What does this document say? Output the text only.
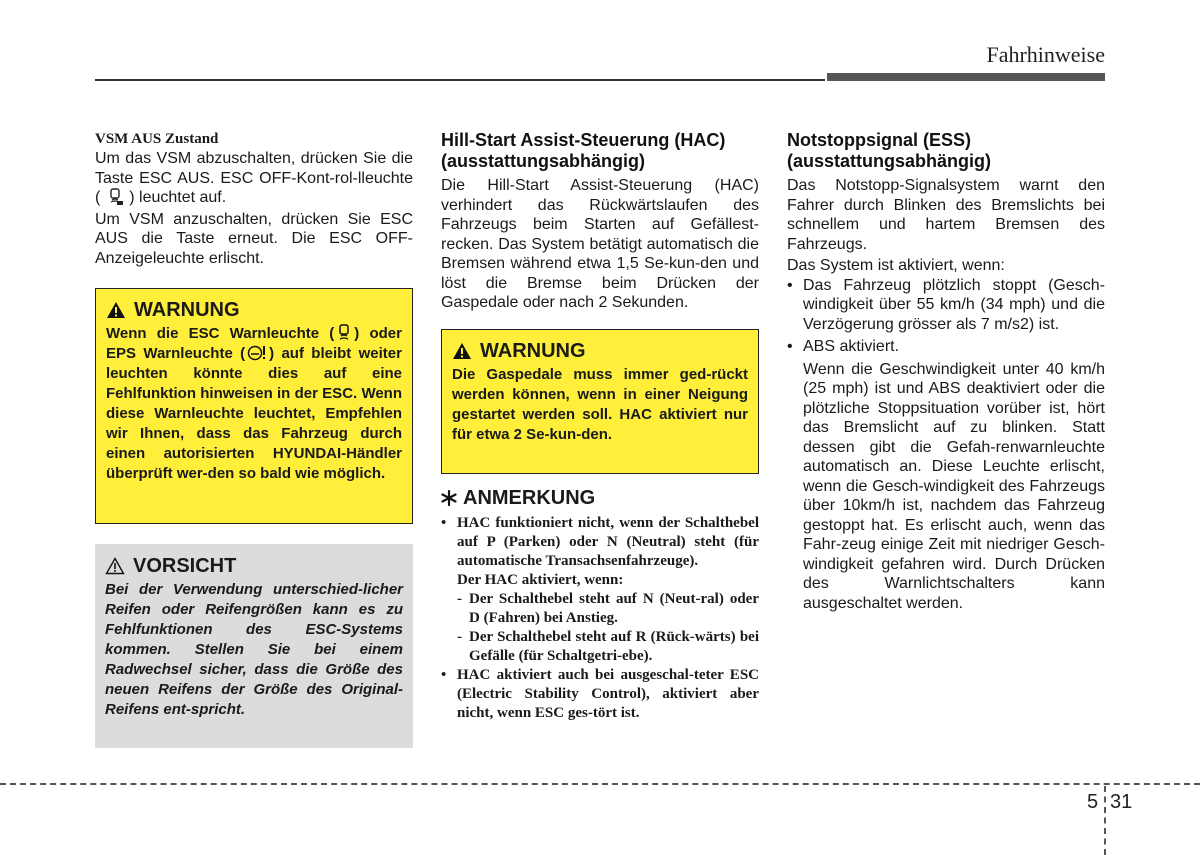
Fahrhinweise

VSM AUS Zustand

Um das VSM abzuschalten, drücken Sie die Taste ESC AUS. ESC OFF-Kont-rol-lleuchte ( ) leuchtet auf.

Um VSM anzuschalten, drücken Sie ESC AUS die Taste erneut. Die ESC OFF-Anzeigeleuchte erlischt.

WARNUNG

Wenn die ESC Warnleuchte ( ) oder EPS Warnleuchte ( ) auf bleibt weiter leuchten könnte dies auf eine Fehlfunktion hinweisen in der ESC. Wenn diese Warnleuchte leuchtet, Empfehlen wir Ihnen, dass das Fahrzeug durch einen autorisierten HYUNDAI-Händler überprüft wer-den so bald wie möglich.

VORSICHT

Bei der Verwendung unterschied-licher Reifen oder Reifengrößen kann es zu Fehlfunktionen des ESC-Systems kommen. Stellen Sie bei einem Radwechsel sicher, dass die Größe des neuen Reifens der Größe des Original-Reifens ent-spricht.

Hill-Start Assist-Steuerung (HAC) (ausstattungsabhängig)

Die Hill-Start Assist-Steuerung (HAC) verhindert das Rückwärtslaufen des Fahrzeugs beim Starten auf Gefällest-recken. Das System betätigt automatisch die Bremsen während etwa 1,5 Se-kun-den und löst die Bremse beim Drücken der Gaspedale oder nach 2 Sekunden.

WARNUNG

Die Gaspedale muss immer ged-rückt werden können, wenn in einer Neigung gestartet werden soll. HAC aktiviert nur für etwa 2 Se-kun-den.

ANMERKUNG
• HAC funktioniert nicht, wenn der Schalthebel auf P (Parken) oder N (Neutral) steht (für automatische Transachsenfahrzeuge).
Der HAC aktiviert, wenn:
- Der Schalthebel steht auf N (Neut-ral) oder D (Fahren) bei Anstieg.
- Der Schalthebel steht auf R (Rück-wärts) bei Gefälle (für Schaltgetri-ebe).
• HAC aktiviert auch bei ausgeschal-teter ESC (Electric Stability Control), aktiviert aber nicht, wenn ESC ges-tört ist.
Notstoppsignal (ESS) (ausstattungsabhängig)

Das Notstopp-Signalsystem warnt den Fahrer durch Blinken des Bremslichts bei schnellem und hartem Bremsen des Fahrzeugs.

Das System ist aktiviert, wenn:

• Das Fahrzeug plötzlich stoppt (Gesch-windigkeit über 55 km/h (34 mph) und die Verzögerung grösser als 7 m/s2) ist.
• ABS aktiviert.
Wenn die Geschwindigkeit unter 40 km/h (25 mph) ist und ABS deaktiviert oder die plötzliche Stoppsituation vorüber ist, hört das Bremslicht auf zu blinken. Statt dessen gibt die Gefah-renwarnleuchte automatisch an. Diese Leuchte erlischt, wenn die Gesch-windigkeit des Fahrzeugs über 10km/h ist, nachdem das Fahrzeug gestoppt hat. Es erlischt auch, wenn das Fahr-zeug einige Zeit mit niedriger Gesch-windigkeit gefahren wird. Durch Drücken des Warnlichtschalters kann ausgeschaltet werden.
5 31
